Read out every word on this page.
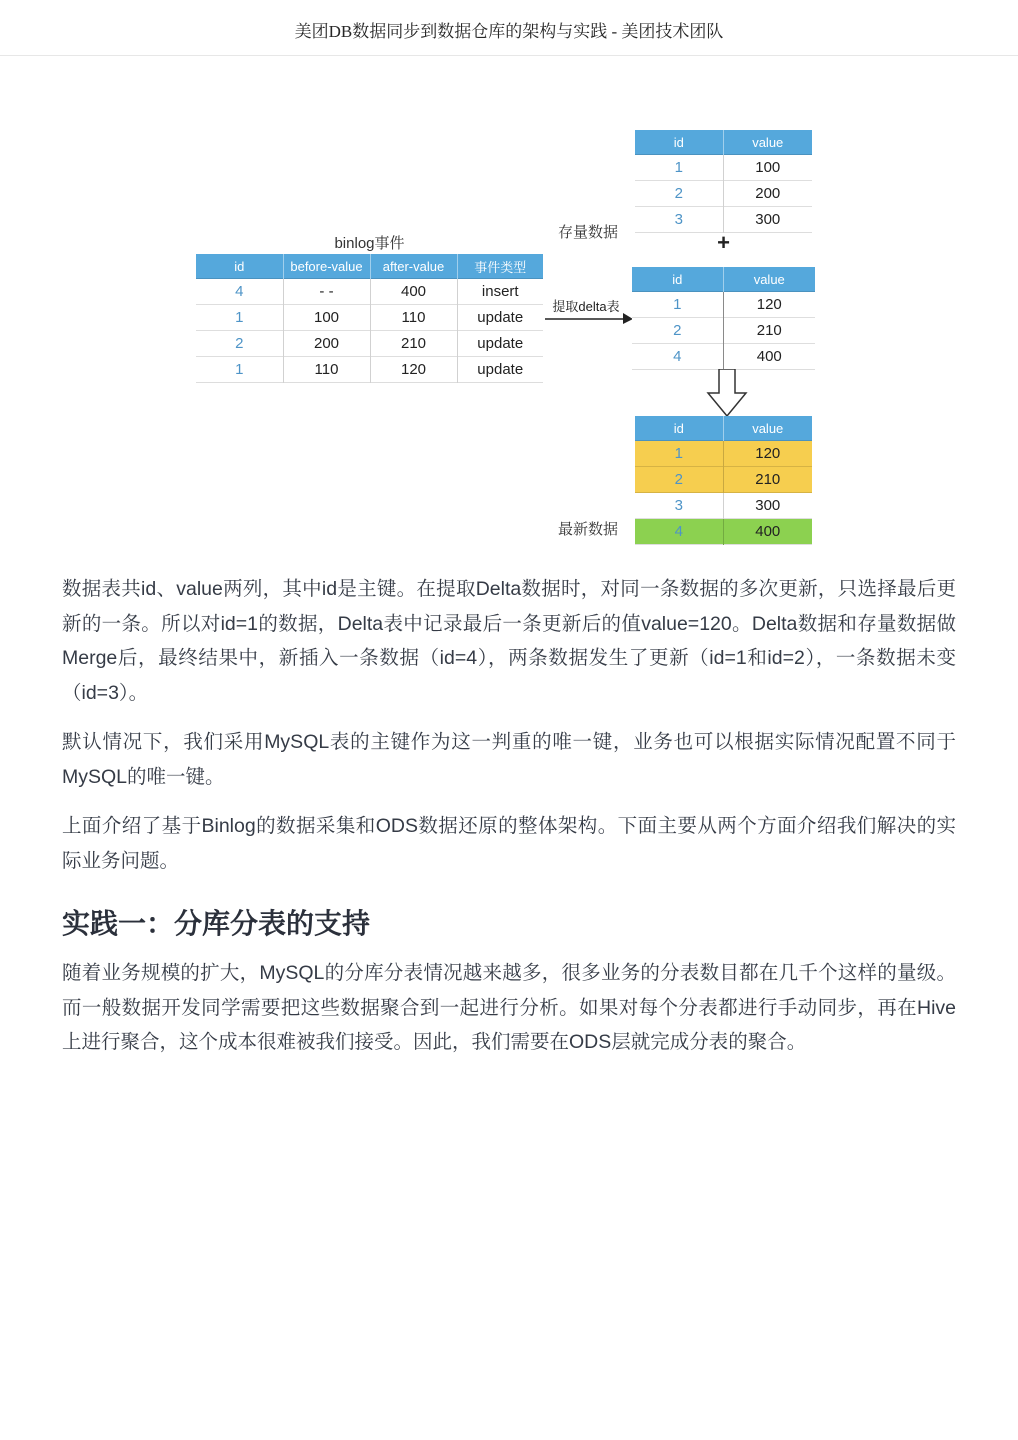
美团DB数据同步到数据仓库的架构与实践 - 美团技术团队
存量数据
id	value
1	100
2	200
3	300
+
binlog事件
id	before-value	after-value	事件类型
4	- -	400	insert
1	100	110	update
2	200	210	update
1	110	120	update
提取delta表
id	value
1	120
2	210
4	400
最新数据
id	value
1	120
2	210
3	300
4	400

数据表共id、value两列，其中id是主键。在提取Delta数据时，对同一条数据的多次更新，只选择最后更新的一条。所以对id=1的数据，Delta表中记录最后一条更新后的值value=120。Delta数据和存量数据做Merge后，最终结果中，新插入一条数据（id=4），两条数据发生了更新（id=1和id=2），一条数据未变（id=3）。

默认情况下，我们采用MySQL表的主键作为这一判重的唯一键，业务也可以根据实际情况配置不同于MySQL的唯一键。

上面介绍了基于Binlog的数据采集和ODS数据还原的整体架构。下面主要从两个方面介绍我们解决的实际业务问题。

实践一：分库分表的支持

随着业务规模的扩大，MySQL的分库分表情况越来越多，很多业务的分表数目都在几千个这样的量级。而一般数据开发同学需要把这些数据聚合到一起进行分析。如果对每个分表都进行手动同步，再在Hive上进行聚合，这个成本很难被我们接受。因此，我们需要在ODS层就完成分表的聚合。
